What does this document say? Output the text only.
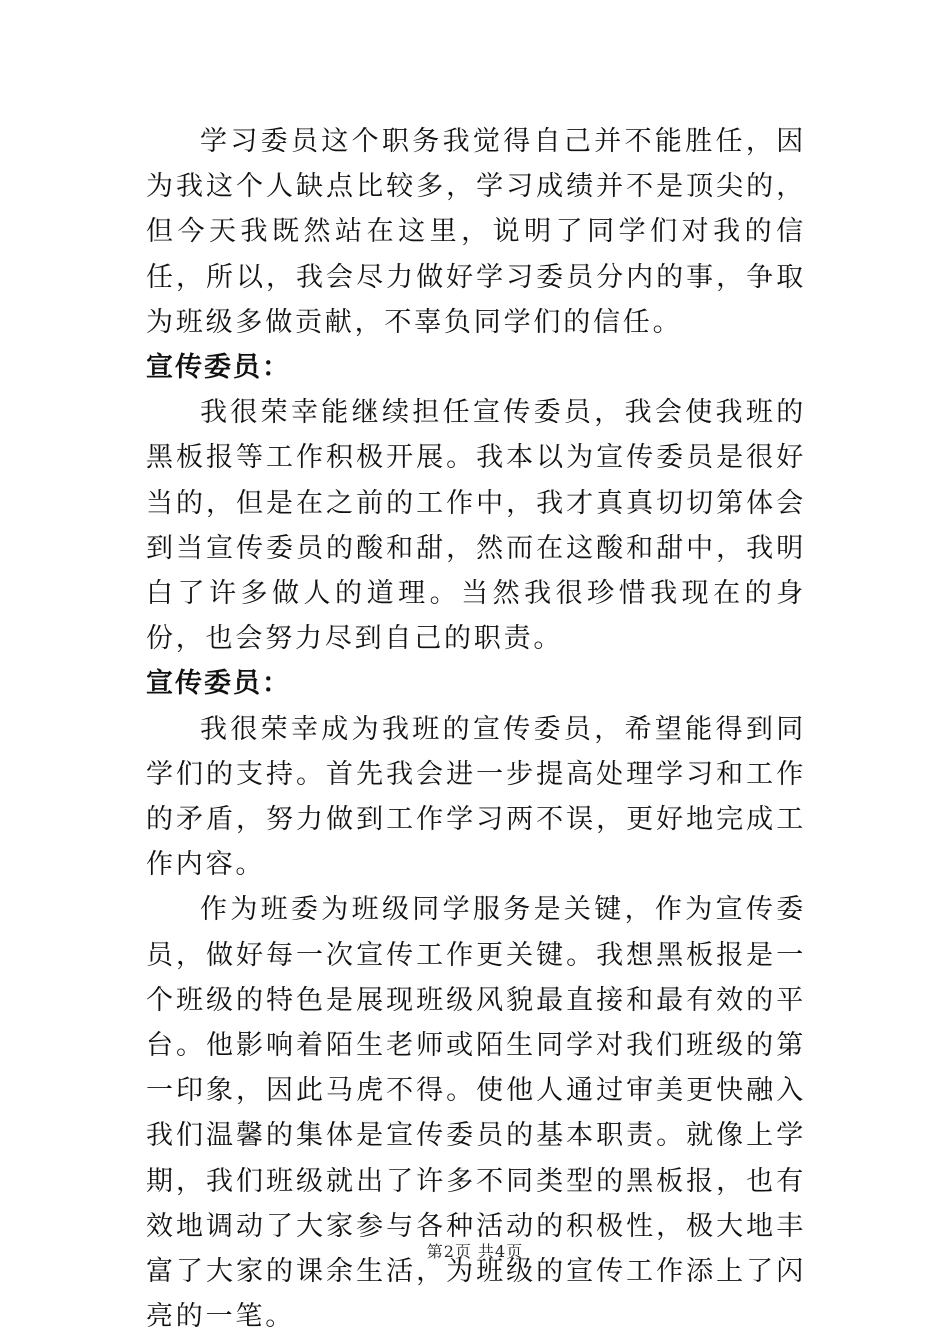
学习委员这个职务我觉得自己并不能胜任，因为我这个人缺点比较多，学习成绩并不是顶尖的，但今天我既然站在这里，说明了同学们对我的信任，所以，我会尽力做好学习委员分内的事，争取为班级多做贡献，不辜负同学们的信任。

宣传委员：

我很荣幸能继续担任宣传委员，我会使我班的黑板报等工作积极开展。我本以为宣传委员是很好当的，但是在之前的工作中，我才真真切切第体会到当宣传委员的酸和甜，然而在这酸和甜中，我明白了许多做人的道理。当然我很珍惜我现在的身份，也会努力尽到自己的职责。

宣传委员：

我很荣幸成为我班的宣传委员，希望能得到同学们的支持。首先我会进一步提高处理学习和工作的矛盾，努力做到工作学习两不误，更好地完成工作内容。

作为班委为班级同学服务是关键，作为宣传委员，做好每一次宣传工作更关键。我想黑板报是一个班级的特色是展现班级风貌最直接和最有效的平台。他影响着陌生老师或陌生同学对我们班级的第一印象，因此马虎不得。使他人通过审美更快融入我们温馨的集体是宣传委员的基本职责。就像上学期，我们班级就出了许多不同类型的黑板报，也有效地调动了大家参与各种活动的积极性，极大地丰富了大家的课余生活，为班级的宣传工作添上了闪亮的一笔。

第2页 共4页
